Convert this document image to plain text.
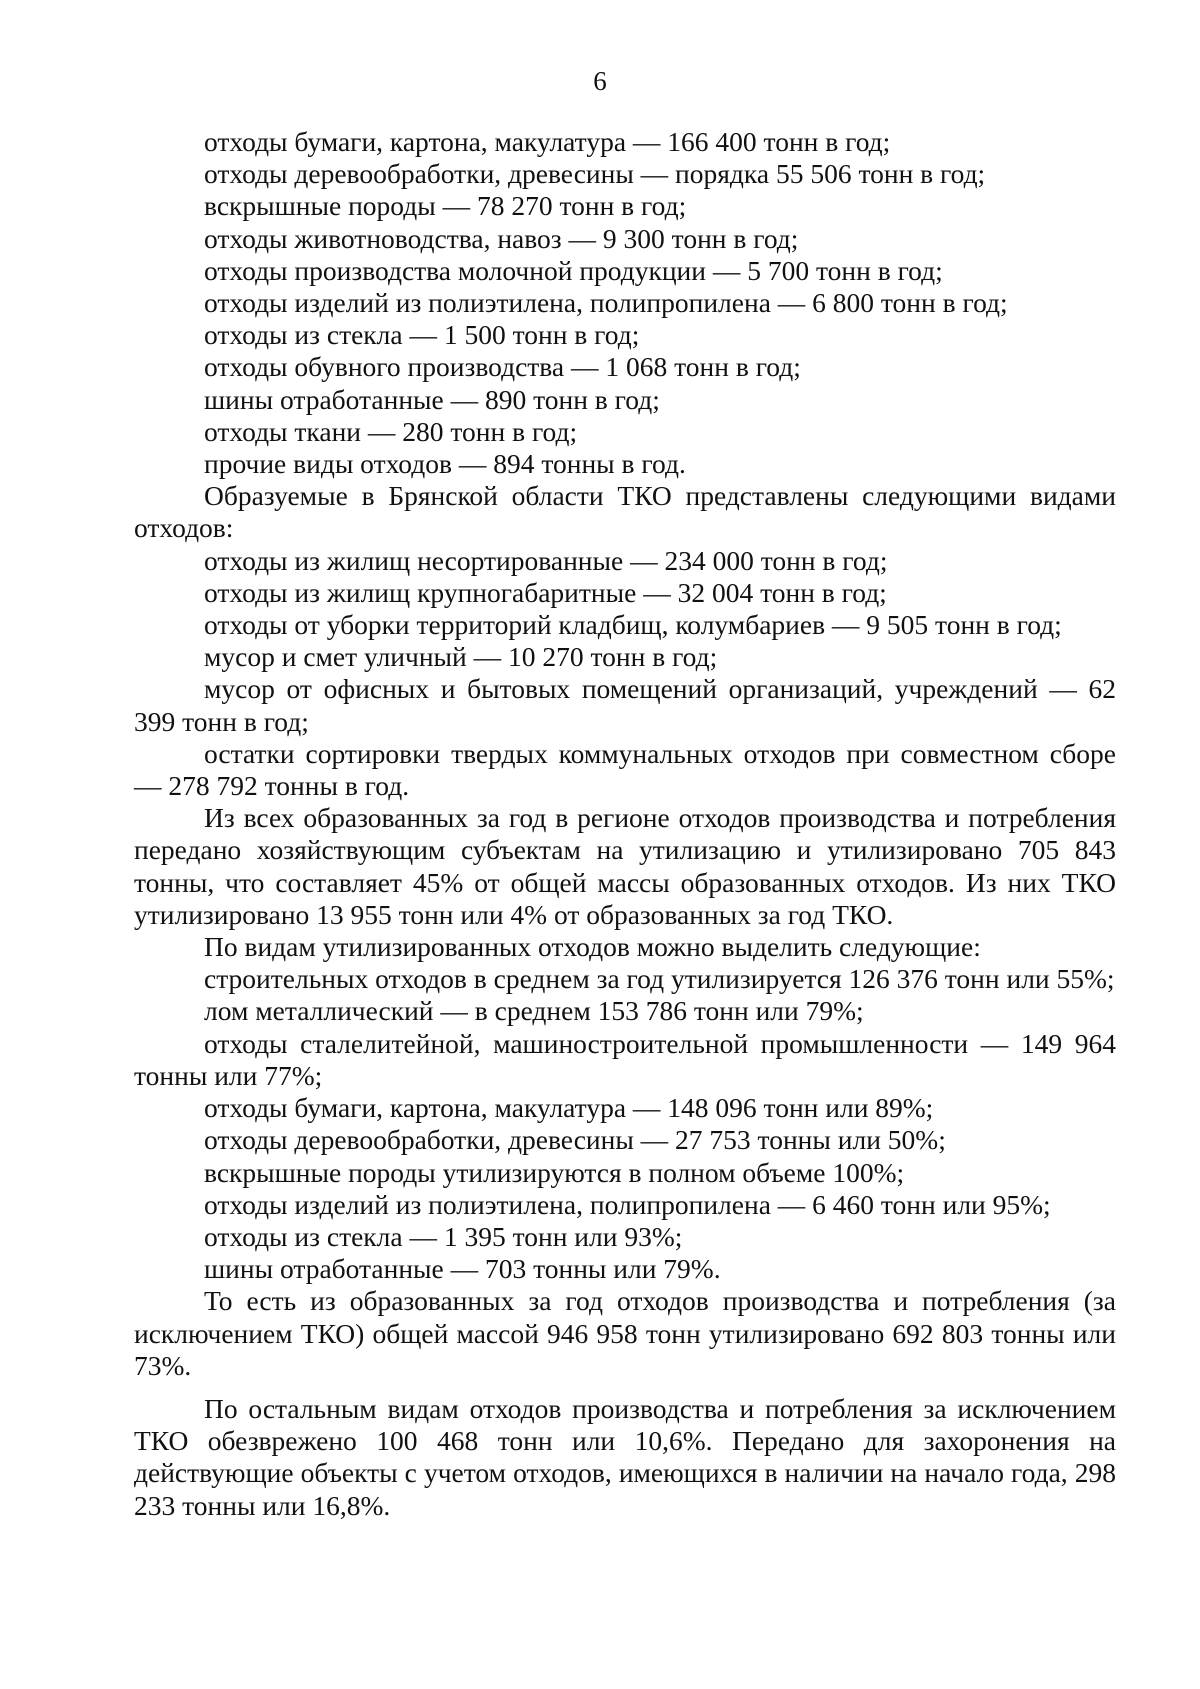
6

отходы бумаги, картона, макулатура — 166 400 тонн в год;

отходы деревообработки, древесины — порядка 55 506 тонн в год;

вскрышные породы — 78 270 тонн в год;

отходы животноводства, навоз — 9 300 тонн в год;

отходы производства молочной продукции — 5 700 тонн в год;

отходы изделий из полиэтилена, полипропилена — 6 800 тонн в год;

отходы из стекла — 1 500 тонн в год;

отходы обувного производства — 1 068 тонн в год;

шины отработанные — 890 тонн в год;

отходы ткани — 280 тонн в год;

прочие виды отходов — 894 тонны в год.

Образуемые в Брянской области ТКО представлены следующими видами отходов:

отходы из жилищ несортированные — 234 000 тонн в год;

отходы из жилищ крупногабаритные — 32 004 тонн в год;

отходы от уборки территорий кладбищ, колумбариев — 9 505 тонн в год;

мусор и смет уличный — 10 270 тонн в год;

мусор от офисных и бытовых помещений организаций, учреждений — 62 399 тонн в год;

остатки сортировки твердых коммунальных отходов при совместном сборе — 278 792 тонны в год.

Из всех образованных за год в регионе отходов производства и потребления передано хозяйствующим субъектам на утилизацию и утилизировано 705 843 тонны, что составляет 45% от общей массы образованных отходов. Из них ТКО утилизировано 13 955 тонн или 4% от образованных за год ТКО.

По видам утилизированных отходов можно выделить следующие:

строительных отходов в среднем за год утилизируется 126 376 тонн или 55%;

лом металлический — в среднем 153 786 тонн или 79%;

отходы сталелитейной, машиностроительной промышленности — 149 964 тонны или 77%;

отходы бумаги, картона, макулатура — 148 096 тонн или 89%;

отходы деревообработки, древесины — 27 753 тонны или 50%;

вскрышные породы утилизируются в полном объеме 100%;

отходы изделий из полиэтилена, полипропилена — 6 460 тонн или 95%;

отходы из стекла — 1 395 тонн или 93%;

шины отработанные — 703 тонны или 79%.

То есть из образованных за год отходов производства и потребления (за исключением ТКО) общей массой 946 958 тонн утилизировано 692 803 тонны или 73%.

По остальным видам отходов производства и потребления за исключением ТКО обезврежено 100 468 тонн или 10,6%. Передано для захоронения на действующие объекты с учетом отходов, имеющихся в наличии на начало года, 298 233 тонны или 16,8%.
